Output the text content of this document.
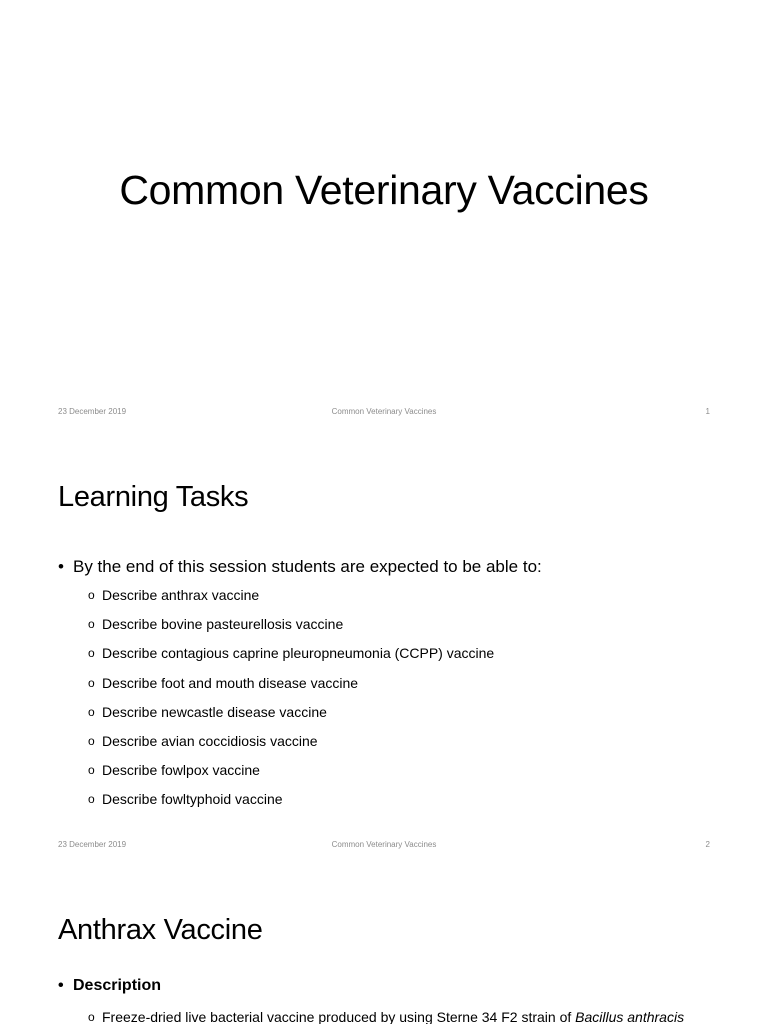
Common Veterinary Vaccines
23 December 2019	Common Veterinary Vaccines	1
Learning Tasks
• By the end of this session students are expected to be able to:
o Describe anthrax vaccine
o Describe bovine pasteurellosis vaccine
o Describe contagious caprine pleuropneumonia (CCPP) vaccine
o Describe foot and mouth disease vaccine
o Describe newcastle disease vaccine
o Describe avian coccidiosis vaccine
o Describe fowlpox vaccine
o Describe fowltyphoid vaccine
23 December 2019	Common Veterinary Vaccines	2
Anthrax Vaccine
• Description
o Freeze-dried live bacterial vaccine produced by using Sterne 34 F2 strain of Bacillus anthracis
